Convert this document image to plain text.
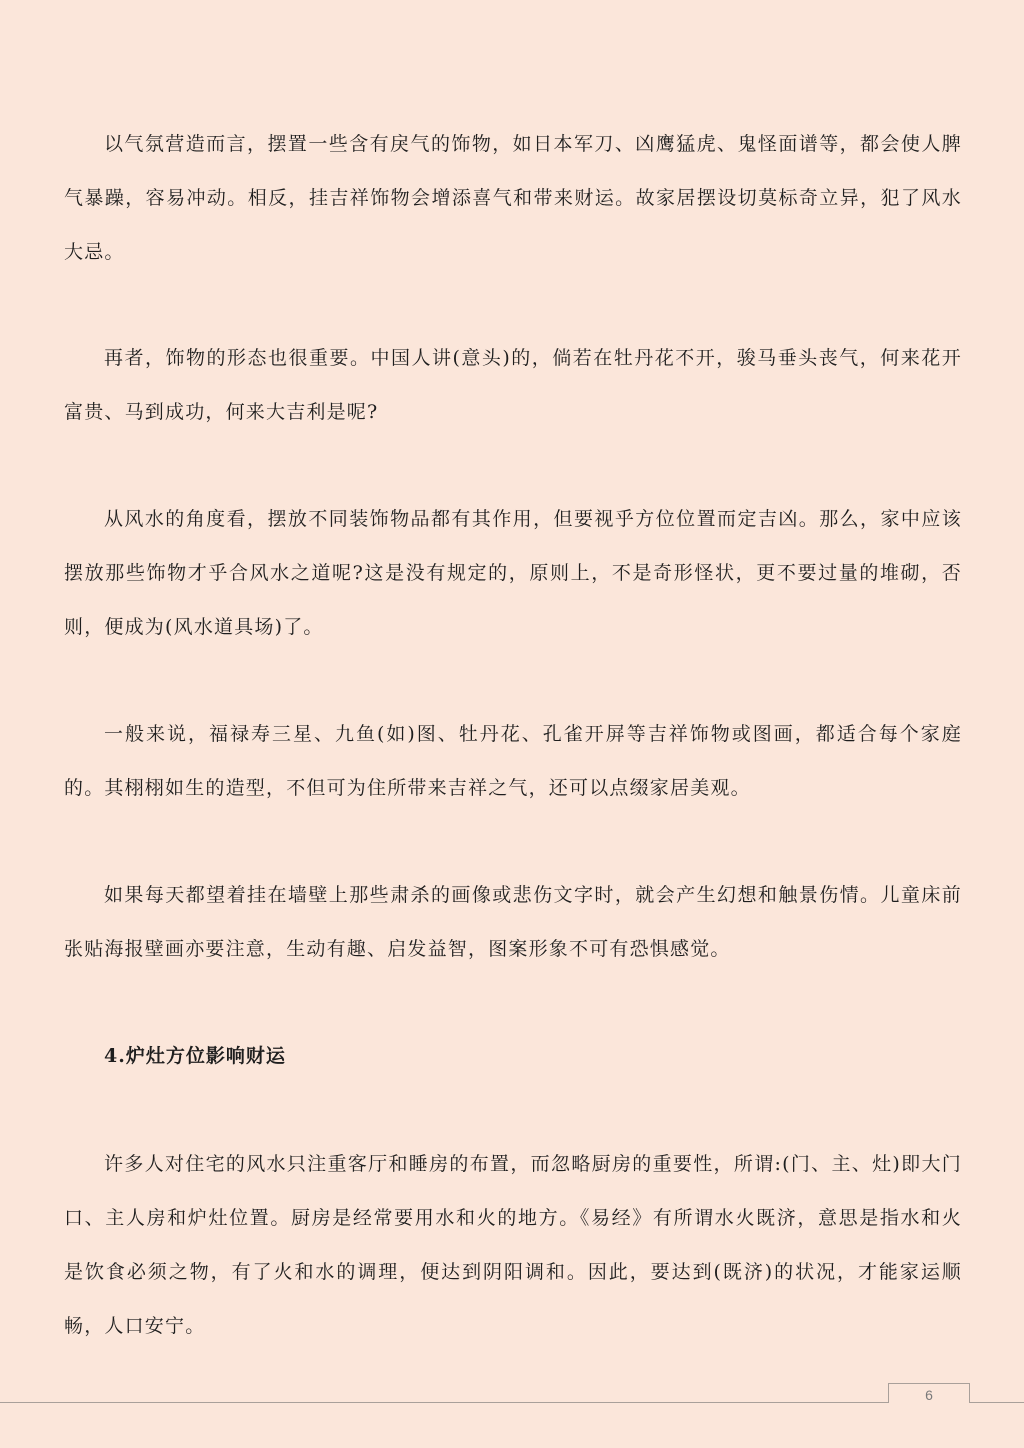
以气氛营造而言，摆置一些含有戾气的饰物，如日本军刀、凶鹰猛虎、鬼怪面谱等，都会使人脾气暴躁，容易冲动。相反，挂吉祥饰物会增添喜气和带来财运。故家居摆设切莫标奇立异，犯了风水大忌。

再者，饰物的形态也很重要。中国人讲(意头)的，倘若在牡丹花不开，骏马垂头丧气，何来花开富贵、马到成功，何来大吉利是呢?

从风水的角度看，摆放不同装饰物品都有其作用，但要视乎方位位置而定吉凶。那么，家中应该摆放那些饰物才乎合风水之道呢?这是没有规定的，原则上，不是奇形怪状，更不要过量的堆砌，否则，便成为(风水道具场)了。

一般来说，福禄寿三星、九鱼(如)图、牡丹花、孔雀开屏等吉祥饰物或图画，都适合每个家庭的。其栩栩如生的造型，不但可为住所带来吉祥之气，还可以点缀家居美观。

如果每天都望着挂在墙壁上那些肃杀的画像或悲伤文字时，就会产生幻想和触景伤情。儿童床前张贴海报壁画亦要注意，生动有趣、启发益智，图案形象不可有恐惧感觉。

4.炉灶方位影响财运

许多人对住宅的风水只注重客厅和睡房的布置，而忽略厨房的重要性，所谓:(门、主、灶)即大门口、主人房和炉灶位置。厨房是经常要用水和火的地方。《易经》有所谓水火既济，意思是指水和火是饮食必须之物，有了火和水的调理，便达到阴阳调和。因此，要达到(既济)的状况，才能家运顺畅，人口安宁。

6
